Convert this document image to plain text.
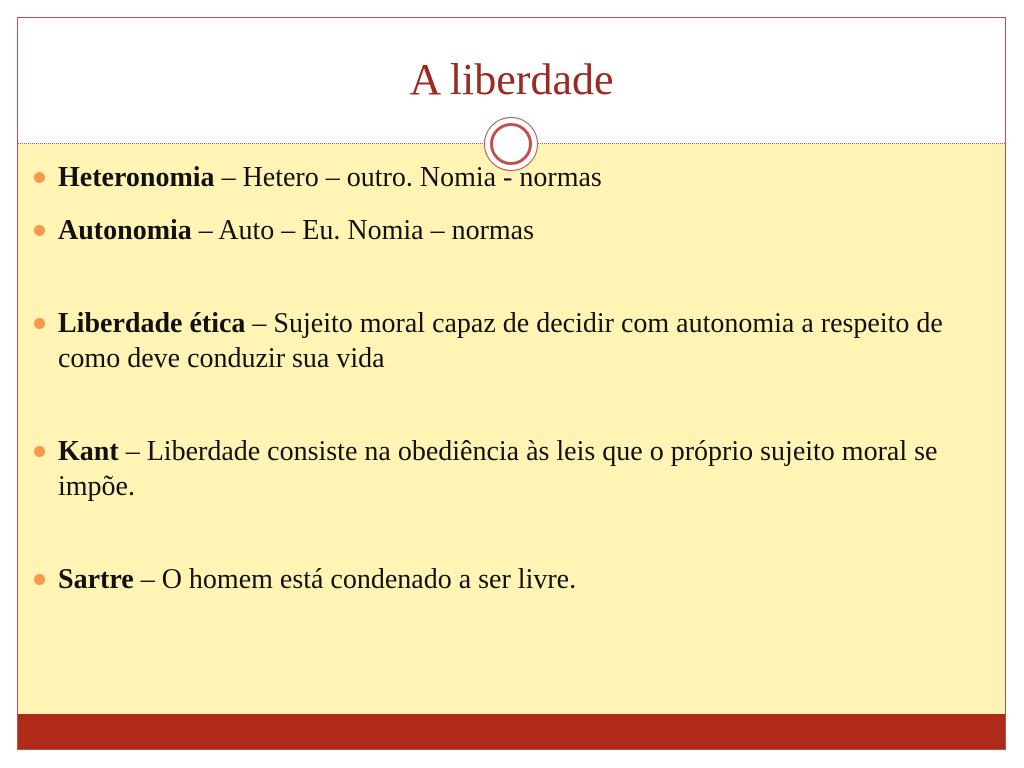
A liberdade
Heteronomia – Hetero – outro. Nomia - normas
Autonomia – Auto – Eu. Nomia – normas
Liberdade ética – Sujeito moral capaz de decidir com autonomia a respeito de como deve conduzir sua vida
Kant – Liberdade consiste na obediência às leis que o próprio sujeito moral se impõe.
Sartre – O homem está condenado a ser livre.
